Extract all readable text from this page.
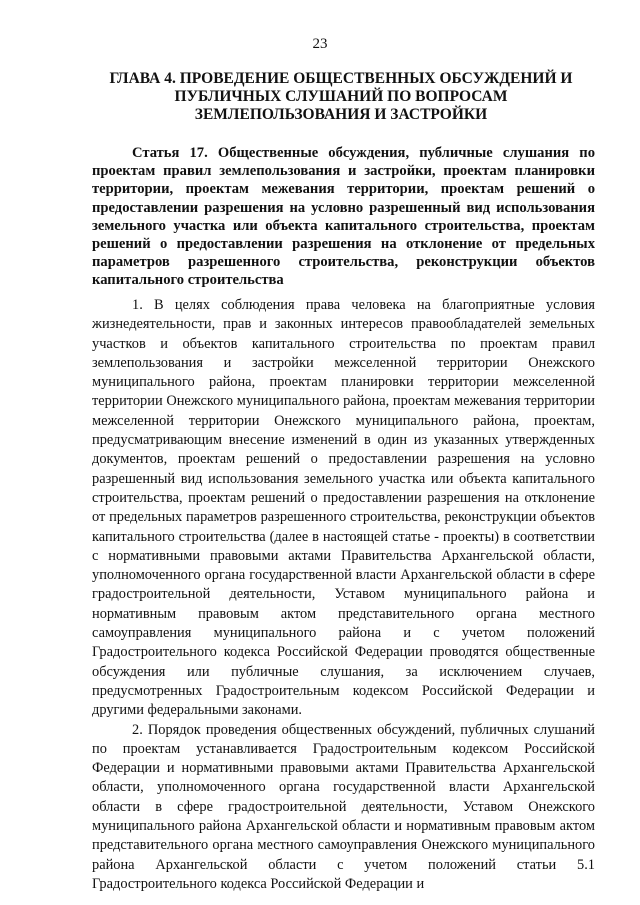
23
ГЛАВА 4. ПРОВЕДЕНИЕ ОБЩЕСТВЕННЫХ ОБСУЖДЕНИЙ И ПУБЛИЧНЫХ СЛУШАНИЙ ПО ВОПРОСАМ ЗЕМЛЕПОЛЬЗОВАНИЯ И ЗАСТРОЙКИ
Статья 17. Общественные обсуждения, публичные слушания по проектам правил землепользования и застройки, проектам планировки территории, проектам межевания территории, проектам решений о предоставлении разрешения на условно разрешенный вид использования земельного участка или объекта капитального строительства, проектам решений о предоставлении разрешения на отклонение от предельных параметров разрешенного строительства, реконструкции объектов капитального строительства

1. В целях соблюдения права человека на благоприятные условия жизнедеятельности, прав и законных интересов правообладателей земельных участков и объектов капитального строительства по проектам правил землепользования и застройки межселенной территории Онежского муниципального района, проектам планировки территории межселенной территории Онежского муниципального района, проектам межевания территории межселенной территории Онежского муниципального района, проектам, предусматривающим внесение изменений в один из указанных утвержденных документов, проектам решений о предоставлении разрешения на условно разрешенный вид использования земельного участка или объекта капитального строительства, проектам решений о предоставлении разрешения на отклонение от предельных параметров разрешенного строительства, реконструкции объектов капитального строительства (далее в настоящей статье - проекты) в соответствии с нормативными правовыми актами Правительства Архангельской области, уполномоченного органа государственной власти Архангельской области в сфере градостроительной деятельности, Уставом муниципального района и нормативным правовым актом представительного органа местного самоуправления муниципального района и с учетом положений Градостроительного кодекса Российской Федерации проводятся общественные обсуждения или публичные слушания, за исключением случаев, предусмотренных Градостроительным кодексом Российской Федерации и другими федеральными законами.

2. Порядок проведения общественных обсуждений, публичных слушаний по проектам устанавливается Градостроительным кодексом Российской Федерации и нормативными правовыми актами Правительства Архангельской области, уполномоченного органа государственной власти Архангельской области в сфере градостроительной деятельности, Уставом Онежского муниципального района Архангельской области и нормативным правовым актом представительного органа местного самоуправления Онежского муниципального района Архангельской области с учетом положений статьи 5.1 Градостроительного кодекса Российской Федерации и
